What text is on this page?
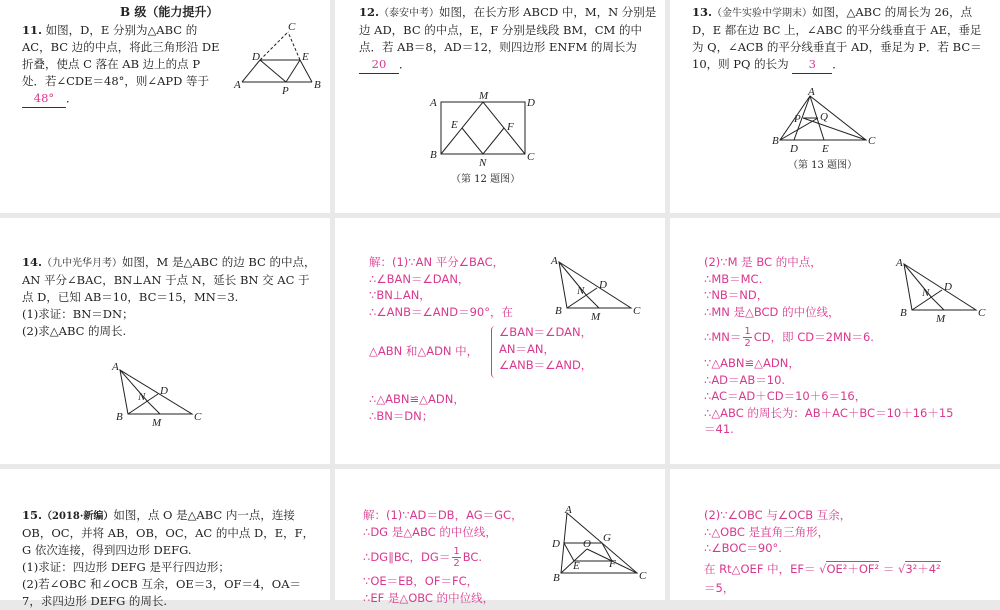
B 级（能力提升）
11. 如图，D，E 分别为△ABC 的 AC，BC 边的中点，将此三角形沿 DE 折叠，使点 C 落在 AB 边上的点 P 处．若∠CDE＝48°，则∠APD 等于 48° ．
C
D	E
A	P B
12.（泰安中考）如图，在长方形 ABCD 中，M，N 分别是边 AD，BC 的中点，E，F 分别是线段 BM，CM 的中点．若 AB＝8，AD＝12，则四边形 ENFM 的周长为 20 ．
A
M
D
E	F
B
N	C
（第 12 题图）
13.（金牛实验中学期末）如图，△ABC 的周长为 26，点 D，E 都在边 BC 上，∠ABC 的平分线垂直于 AE，垂足为 Q，∠ACB 的平分线垂直于 AD，垂足为 P．若 BC＝10，则 PQ 的长为 3 ．
A
P Q
B
D E
C
（第 13 题图）
14.（九中光华月考）如图，M 是△ABC 的边 BC 的中点，AN 平分∠BAC，BN⊥AN 于点 N，延长 BN 交 AC 于点 D，已知 AB＝10，BC＝15，MN＝3.
(1)求证：BN＝DN；
(2)求△ABC 的周长.
A
N D
B	M	C
解：(1)∵AN 平分∠BAC，
∴∠BAN＝∠DAN，
∵BN⊥AN，
∴∠ANB＝∠AND＝90°，在
△ABN 和△ADN 中，
∠BAN＝∠DAN，
AN＝AN，
∠ANB＝∠AND，
∴△ABN≌△ADN，
∴BN＝DN；
A
N D
B	M	C
(2)∵M 是 BC 的中点，
∴MB＝MC.
∵NB＝ND，
∴MN 是△BCD 的中位线，
∴MN＝ $\frac{1}{2}$ CD，即 CD＝2MN＝6.
∵△ABN≌△ADN，
∴AD＝AB＝10.
∴AC＝AD＋CD＝10＋6＝16，
∴△ABC 的周长为：AB＋AC＋BC＝10＋16＋15
＝41.
A
N D
B	M	C
15.（2018·新编）如图，点 O 是△ABC 内一点，连接 OB，OC，并将 AB，OB，OC，AC 的中点 D，E，F，G 依次连接，得到四边形 DEFG.
(1)求证：四边形 DEFG 是平行四边形；
(2)若∠OBC 和∠OCB 互余，OE＝3，OF＝4，OA＝7，求四边形 DEFG 的周长.
解：(1)∵AD＝DB，AG＝GC，
∴DG 是△ABC 的中位线，
∴DG∥BC，$DG= \frac{1}{2}$ BC.
∵OE＝EB，OF＝FC，
∴EF 是△OBC 的中位线，
A
D	G
O
E	F
B	C
(2)∵∠OBC 与∠OCB 互余，
∴△OBC 是直角三角形，
∴∠BOC＝90°.
在 Rt△OEF 中，EF＝ √OE²＋OF² ＝ √3²＋4²
＝5，
